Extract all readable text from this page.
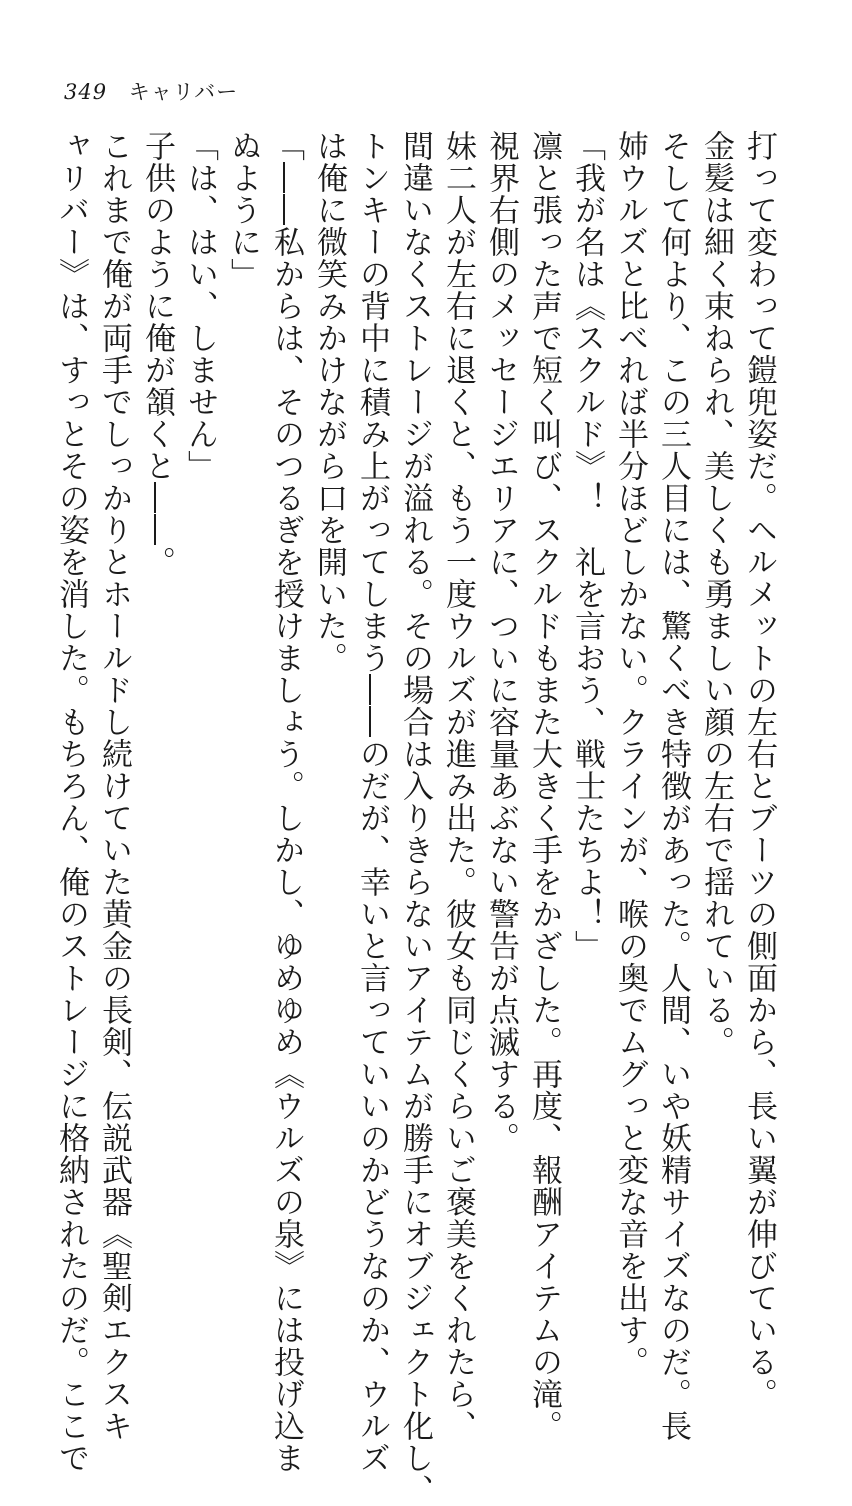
349 キャリバー
打って変わって鎧兜姿だ。ヘルメットの左右とブーツの側面から、長い翼が伸びている。
金髪は細く束ねられ、美しくも勇ましい顔の左右で揺れている。
そして何より、この三人目には、驚くべき特徴があった。人間、いや妖精サイズなのだ。長
姉ウルズと比べれば半分ほどしかない。クラインが、喉の奥でムグっと変な音を出す。
「我が名は《スクルド》！　礼を言おう、戦士たちよ！」
凛と張った声で短く叫び、スクルドもまた大きく手をかざした。再度、報酬アイテムの滝。
視界右側のメッセージエリアに、ついに容量あぶない警告が点滅する。
妹二人が左右に退くと、もう一度ウルズが進み出た。彼女も同じくらいご褒美をくれたら、
間違いなくストレージが溢れる。その場合は入りきらないアイテムが勝手にオブジェクト化し、
トンキーの背中に積み上がってしまう――のだが、幸いと言っていいのかどうなのか、ウルズ
は俺に微笑みかけながら口を開いた。
「――私からは、そのつるぎを授けましょう。しかし、ゆめゆめ《ウルズの泉》には投げ込ま
ぬように」
「は、はい、しません」
子供のように俺が頷くと――。
これまで俺が両手でしっかりとホールドし続けていた黄金の長剣、伝説武器《聖剣エクスキ
ャリバー》は、すっとその姿を消した。もちろん、俺のストレージに格納されたのだ。ここで
